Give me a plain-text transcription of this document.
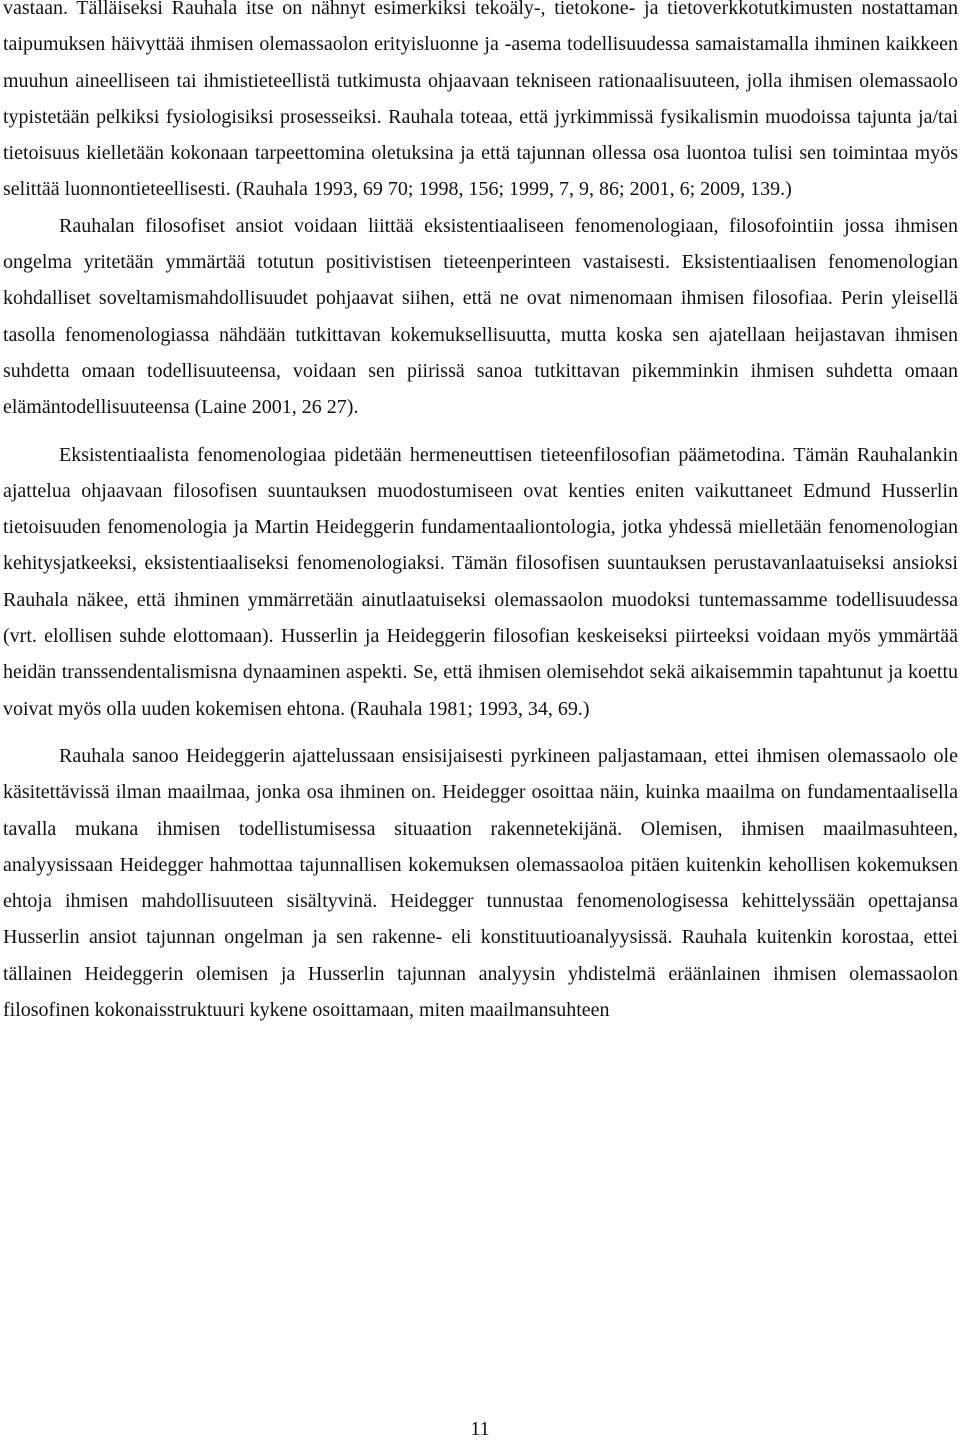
vastaan. Tälläiseksi Rauhala itse on nähnyt esimerkiksi tekoäly-, tietokone- ja tietoverkkotutkimusten nostattaman taipumuksen häivyttää ihmisen olemassaolon erityisluonne ja -asema todellisuudessa samaistamalla ihminen kaikkeen muuhun aineelliseen tai ihmistieteellistä tutkimusta ohjaavaan tekniseen rationaalisuuteen, jolla ihmisen olemassaolo typistetään pelkiksi fysiologisiksi prosesseiksi. Rauhala toteaa, että jyrkimmissä fysikalismin muodoissa tajunta ja/tai tietoisuus kielletään kokonaan tarpeettomina oletuksina ja että tajunnan ollessa osa luontoa tulisi sen toimintaa myös selittää luonnontieteellisesti. (Rauhala 1993, 69 70; 1998, 156; 1999, 7, 9, 86; 2001, 6; 2009, 139.)

Rauhalan filosofiset ansiot voidaan liittää eksistentiaaliseen fenomenologiaan, filosofointiin jossa ihmisen ongelma yritetään ymmärtää totutun positivistisen tieteenperinteen vastaisesti. Eksistentiaalisen fenomenologian kohdalliset soveltamismahdollisuudet pohjaavat siihen, että ne ovat nimenomaan ihmisen filosofiaa. Perin yleisellä tasolla fenomenologiassa nähdään tutkittavan kokemuksellisuutta, mutta koska sen ajatellaan heijastavan ihmisen suhdetta omaan todellisuuteensa, voidaan sen piirissä sanoa tutkittavan pikemminkin ihmisen suhdetta omaan elämäntodellisuuteensa (Laine 2001, 26 27).

Eksistentiaalista fenomenologiaa pidetään hermeneuttisen tieteenfilosofian päämetodina. Tämän Rauhalankin ajattelua ohjaavaan filosofisen suuntauksen muodostumiseen ovat kenties eniten vaikuttaneet Edmund Husserlin tietoisuuden fenomenologia ja Martin Heideggerin fundamentaaliontologia, jotka yhdessä mielletään fenomenologian kehitysjatkeeksi, eksistentiaaliseksi fenomenologiaksi. Tämän filosofisen suuntauksen perustavanlaatuiseksi ansioksi Rauhala näkee, että ihminen ymmärretään ainutlaatuiseksi olemassaolon muodoksi tuntemassamme todellisuudessa (vrt. elollisen suhde elottomaan). Husserlin ja Heideggerin filosofian keskeiseksi piirteeksi voidaan myös ymmärtää heidän transsendentalismisna dynaaminen aspekti. Se, että ihmisen olemisehdot sekä aikaisemmin tapahtunut ja koettu voivat myös olla uuden kokemisen ehtona. (Rauhala 1981; 1993, 34, 69.)

Rauhala sanoo Heideggerin ajattelussaan ensisijaisesti pyrkineen paljastamaan, ettei ihmisen olemassaolo ole käsitettävissä ilman maailmaa, jonka osa ihminen on. Heidegger osoittaa näin, kuinka maailma on fundamentaalisella tavalla mukana ihmisen todellistumisessa situaation rakennetekijänä. Olemisen, ihmisen maailmasuhteen, analyysissaan Heidegger hahmottaa tajunnallisen kokemuksen olemassaoloa pitäen kuitenkin kehollisen kokemuksen ehtoja ihmisen mahdollisuuteen sisältyvinä. Heidegger tunnustaa fenomenologisessa kehittelyssään opettajansa Husserlin ansiot tajunnan ongelman ja sen rakenne- eli konstituutioanalyysissä. Rauhala kuitenkin korostaa, ettei tällainen Heideggerin olemisen ja Husserlin tajunnan analyysin yhdistelmä eräänlainen ihmisen olemassaolon filosofinen kokonaisstruktuuri kykene osoittamaan, miten maailmansuhteen

11
